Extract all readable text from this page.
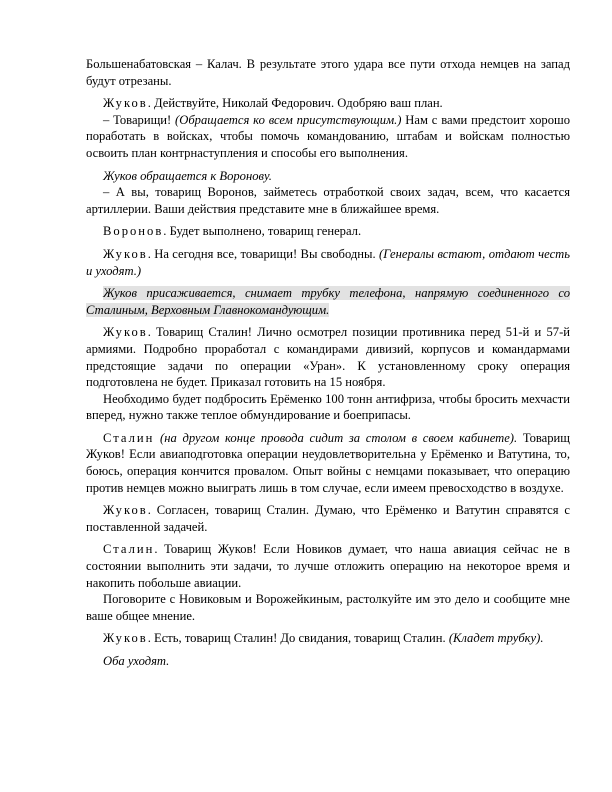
Большенабатовская – Калач. В результате этого удара все пути отхода немцев на запад будут отрезаны.

Жуков. Действуйте, Николай Федорович. Одобряю ваш план.

– Товарищи! (Обращается ко всем присутствующим.) Нам с вами предстоит хорошо поработать в войсках, чтобы помочь командованию, штабам и войскам полностью освоить план контрнаступления и способы его выполнения.

Жуков обращается к Воронову.

– А вы, товарищ Воронов, займетесь отработкой своих задач, всем, что касается артиллерии. Ваши действия представите мне в ближайшее время.

Воронов. Будет выполнено, товарищ генерал.

Жуков. На сегодня все, товарищи! Вы свободны. (Генералы встают, отдают честь и уходят.)

Жуков присаживается, снимает трубку телефона, напрямую соединенного со Сталиным, Верховным Главнокомандующим.

Жуков. Товарищ Сталин! Лично осмотрел позиции противника перед 51-й и 57-й армиями. Подробно проработал с командирами дивизий, корпусов и командармами предстоящие задачи по операции «Уран». К установленному сроку операция подготовлена не будет. Приказал готовить на 15 ноября.

Необходимо будет подбросить Ерёменко 100 тонн антифриза, чтобы бросить мехчасти вперед, нужно также теплое обмундирование и боеприпасы.

Сталин (на другом конце провода сидит за столом в своем кабинете). Товарищ Жуков! Если авиаподготовка операции неудовлетворительна у Ерёменко и Ватутина, то, боюсь, операция кончится провалом. Опыт войны с немцами показывает, что операцию против немцев можно выиграть лишь в том случае, если имеем превосходство в воздухе.

Жуков. Согласен, товарищ Сталин. Думаю, что Ерёменко и Ватутин справятся с поставленной задачей.

Сталин. Товарищ Жуков! Если Новиков думает, что наша авиация сейчас не в состоянии выполнить эти задачи, то лучше отложить операцию на некоторое время и накопить побольше авиации.

Поговорите с Новиковым и Ворожейкиным, растолкуйте им это дело и сообщите мне ваше общее мнение.

Жуков. Есть, товарищ Сталин! До свидания, товарищ Сталин. (Кладет трубку).

Оба уходят.
